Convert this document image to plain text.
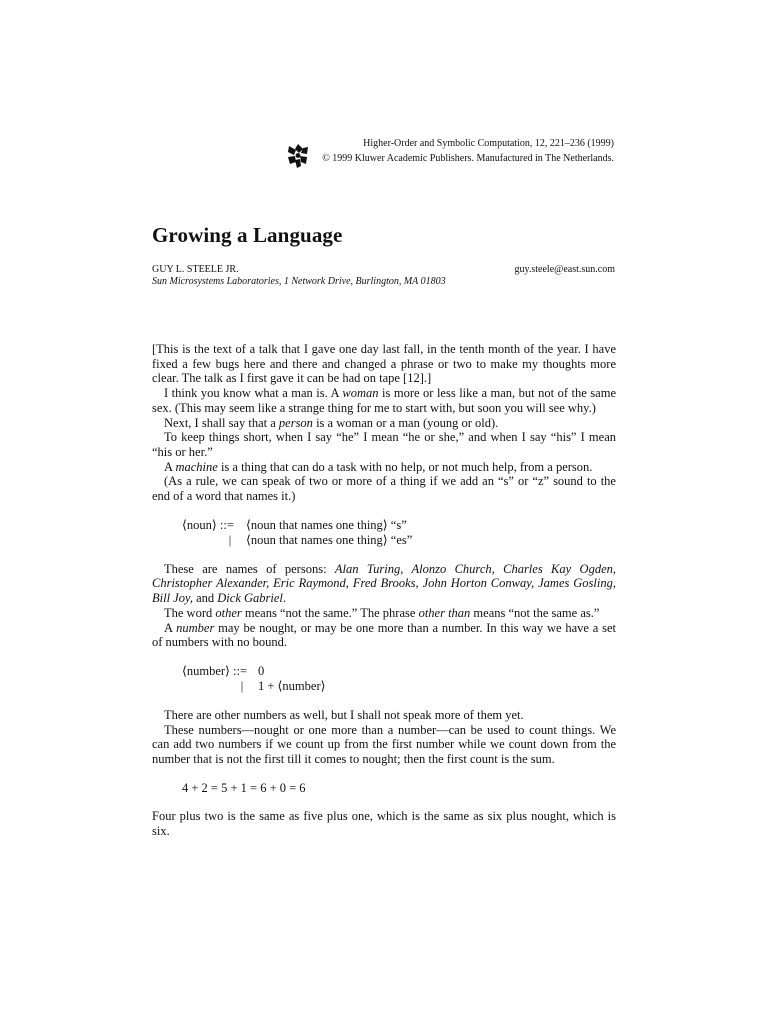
Higher-Order and Symbolic Computation, 12, 221–236 (1999)
© 1999 Kluwer Academic Publishers. Manufactured in The Netherlands.
Growing a Language
GUY L. STEELE JR.	guy.steele@east.sun.com
Sun Microsystems Laboratories, 1 Network Drive, Burlington, MA 01803

[This is the text of a talk that I gave one day last fall, in the tenth month of the year. I have fixed a few bugs here and there and changed a phrase or two to make my thoughts more clear. The talk as I first gave it can be had on tape [12].]

I think you know what a man is. A woman is more or less like a man, but not of the same sex. (This may seem like a strange thing for me to start with, but soon you will see why.)

Next, I shall say that a person is a woman or a man (young or old).

To keep things short, when I say “he” I mean “he or she,” and when I say “his” I mean “his or her.”

A machine is a thing that can do a task with no help, or not much help, from a person.

(As a rule, we can speak of two or more of a thing if we add an “s” or “z” sound to the end of a word that names it.)

⟨noun⟩ ::= ⟨noun that names one thing⟩ “s”
|	⟨noun that names one thing⟩ “es”

These are names of persons: Alan Turing, Alonzo Church, Charles Kay Ogden, Christopher Alexander, Eric Raymond, Fred Brooks, John Horton Conway, James Gosling, Bill Joy, and Dick Gabriel.

The word other means “not the same.” The phrase other than means “not the same as.”

A number may be nought, or may be one more than a number. In this way we have a set of numbers with no bound.

⟨number⟩ ::= 0
|	1 + ⟨number⟩

There are other numbers as well, but I shall not speak more of them yet.

These numbers—nought or one more than a number—can be used to count things. We can add two numbers if we count up from the first number while we count down from the number that is not the first till it comes to nought; then the first count is the sum.

4 + 2 = 5 + 1 = 6 + 0 = 6

Four plus two is the same as five plus one, which is the same as six plus nought, which is six.
